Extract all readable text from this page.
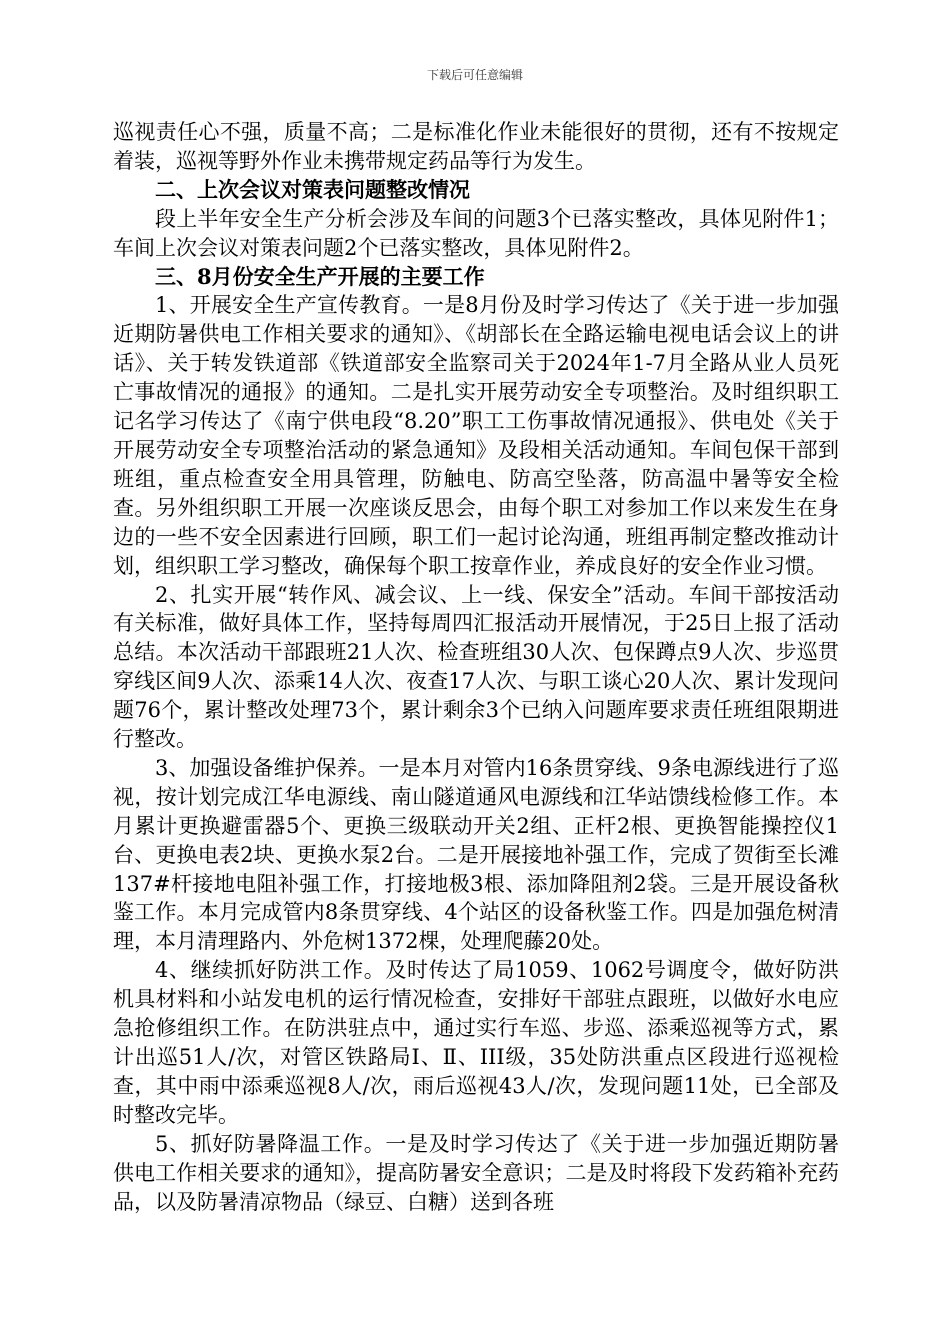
下载后可任意编辑

巡视责任心不强，质量不高；二是标准化作业未能很好的贯彻，还有不按规定着装，巡视等野外作业未携带规定药品等行为发生。

二、上次会议对策表问题整改情况

段上半年安全生产分析会涉及车间的问题3个已落实整改，具体见附件1；车间上次会议对策表问题2个已落实整改，具体见附件2。

三、8月份安全生产开展的主要工作

1、开展安全生产宣传教育。一是8月份及时学习传达了《关于进一步加强近期防暑供电工作相关要求的通知》、《胡部长在全路运输电视电话会议上的讲话》、关于转发铁道部《铁道部安全监察司关于2024年1-7月全路从业人员死亡事故情况的通报》的通知。二是扎实开展劳动安全专项整治。及时组织职工记名学习传达了《南宁供电段“8.20”职工工伤事故情况通报》、供电处《关于开展劳动安全专项整治活动的紧急通知》及段相关活动通知。车间包保干部到班组，重点检查安全用具管理，防触电、防高空坠落，防高温中暑等安全检查。另外组织职工开展一次座谈反思会，由每个职工对参加工作以来发生在身边的一些不安全因素进行回顾，职工们一起讨论沟通，班组再制定整改推动计划，组织职工学习整改，确保每个职工按章作业，养成良好的安全作业习惯。

2、扎实开展“转作风、减会议、上一线、保安全”活动。车间干部按活动有关标准，做好具体工作，坚持每周四汇报活动开展情况，于25日上报了活动总结。本次活动干部跟班21人次、检查班组30人次、包保蹲点9人次、步巡贯穿线区间9人次、添乘14人次、夜查17人次、与职工谈心20人次、累计发现问题76个，累计整改处理73个，累计剩余3个已纳入问题库要求责任班组限期进行整改。

3、加强设备维护保养。一是本月对管内16条贯穿线、9条电源线进行了巡视，按计划完成江华电源线、南山隧道通风电源线和江华站馈线检修工作。本月累计更换避雷器5个、更换三级联动开关2组、正杆2根、更换智能操控仪1台、更换电表2块、更换水泵2台。二是开展接地补强工作，完成了贺街至长滩137#杆接地电阻补强工作，打接地极3根、添加降阻剂2袋。三是开展设备秋鉴工作。本月完成管内8条贯穿线、4个站区的设备秋鉴工作。四是加强危树清理，本月清理路内、外危树1372棵，处理爬藤20处。

4、继续抓好防洪工作。及时传达了局1059、1062号调度令，做好防洪机具材料和小站发电机的运行情况检查，安排好干部驻点跟班，以做好水电应急抢修组织工作。在防洪驻点中，通过实行车巡、步巡、添乘巡视等方式，累计出巡51人/次，对管区铁路局Ⅰ、Ⅱ、III级，35处防洪重点区段进行巡视检查，其中雨中添乘巡视8人/次，雨后巡视43人/次，发现问题11处，已全部及时整改完毕。

5、抓好防暑降温工作。一是及时学习传达了《关于进一步加强近期防暑供电工作相关要求的通知》，提高防暑安全意识；二是及时将段下发药箱补充药品，以及防暑清凉物品（绿豆、白糖）送到各班
